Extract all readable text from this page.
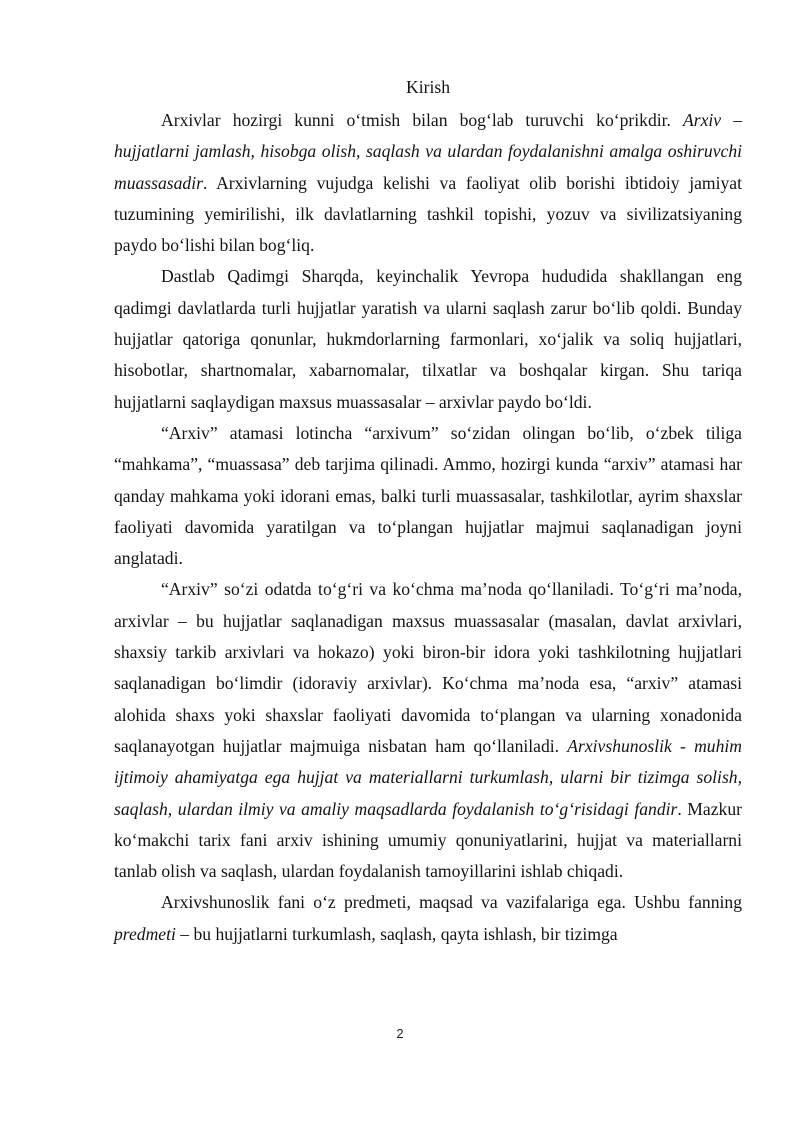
Kirish

Arxivlar hozirgi kunni o‘tmish bilan bog‘lab turuvchi ko‘prikdir. Arxiv – hujjatlarni jamlash, hisobga olish, saqlash va ulardan foydalanishni amalga oshiruvchi muassasadir. Arxivlarning vujudga kelishi va faoliyat olib borishi ibtidoiy jamiyat tuzumining yemirilishi, ilk davlatlarning tashkil topishi, yozuv va sivilizatsiyaning paydo bo‘lishi bilan bog‘liq.

Dastlab Qadimgi Sharqda, keyinchalik Yevropa hududida shakllangan eng qadimgi davlatlarda turli hujjatlar yaratish va ularni saqlash zarur bo‘lib qoldi. Bunday hujjatlar qatoriga qonunlar, hukmdorlarning farmonlari, xo‘jalik va soliq hujjatlari, hisobotlar, shartnomalar, xabarnomalar, tilxatlar va boshqalar kirgan. Shu tariqa hujjatlarni saqlaydigan maxsus muassasalar – arxivlar paydo bo‘ldi.

“Arxiv” atamasi lotincha “arxivum” so‘zidan olingan bo‘lib, o‘zbek tiliga “mahkama”, “muassasa” deb tarjima qilinadi. Ammo, hozirgi kunda “arxiv” atamasi har qanday mahkama yoki idorani emas, balki turli muassasalar, tashkilotlar, ayrim shaxslar faoliyati davomida yaratilgan va to‘plangan hujjatlar majmui saqlanadigan joyni anglatadi.

“Arxiv” so‘zi odatda to‘g‘ri va ko‘chma ma’noda qo‘llaniladi. To‘g‘ri ma’noda, arxivlar – bu hujjatlar saqlanadigan maxsus muassasalar (masalan, davlat arxivlari, shaxsiy tarkib arxivlari va hokazo) yoki biron-bir idora yoki tashkilotning hujjatlari saqlanadigan bo‘limdir (idoraviy arxivlar). Ko‘chma ma’noda esa, “arxiv” atamasi alohida shaxs yoki shaxslar faoliyati davomida to‘plangan va ularning xonadonida saqlanayotgan hujjatlar majmuiga nisbatan ham qo‘llaniladi. Arxivshunoslik - muhim ijtimoiy ahamiyatga ega hujjat va materiallarni turkumlash, ularni bir tizimga solish, saqlash, ulardan ilmiy va amaliy maqsadlarda foydalanish to‘g‘risidagi fandir. Mazkur ko‘makchi tarix fani arxiv ishining umumiy qonuniyatlarini, hujjat va materiallarni tanlab olish va saqlash, ulardan foydalanish tamoyillarini ishlab chiqadi.

Arxivshunoslik fani o‘z predmeti, maqsad va vazifalariga ega. Ushbu fanning predmeti – bu hujjatlarni turkumlash, saqlash, qayta ishlash, bir tizimga

2
